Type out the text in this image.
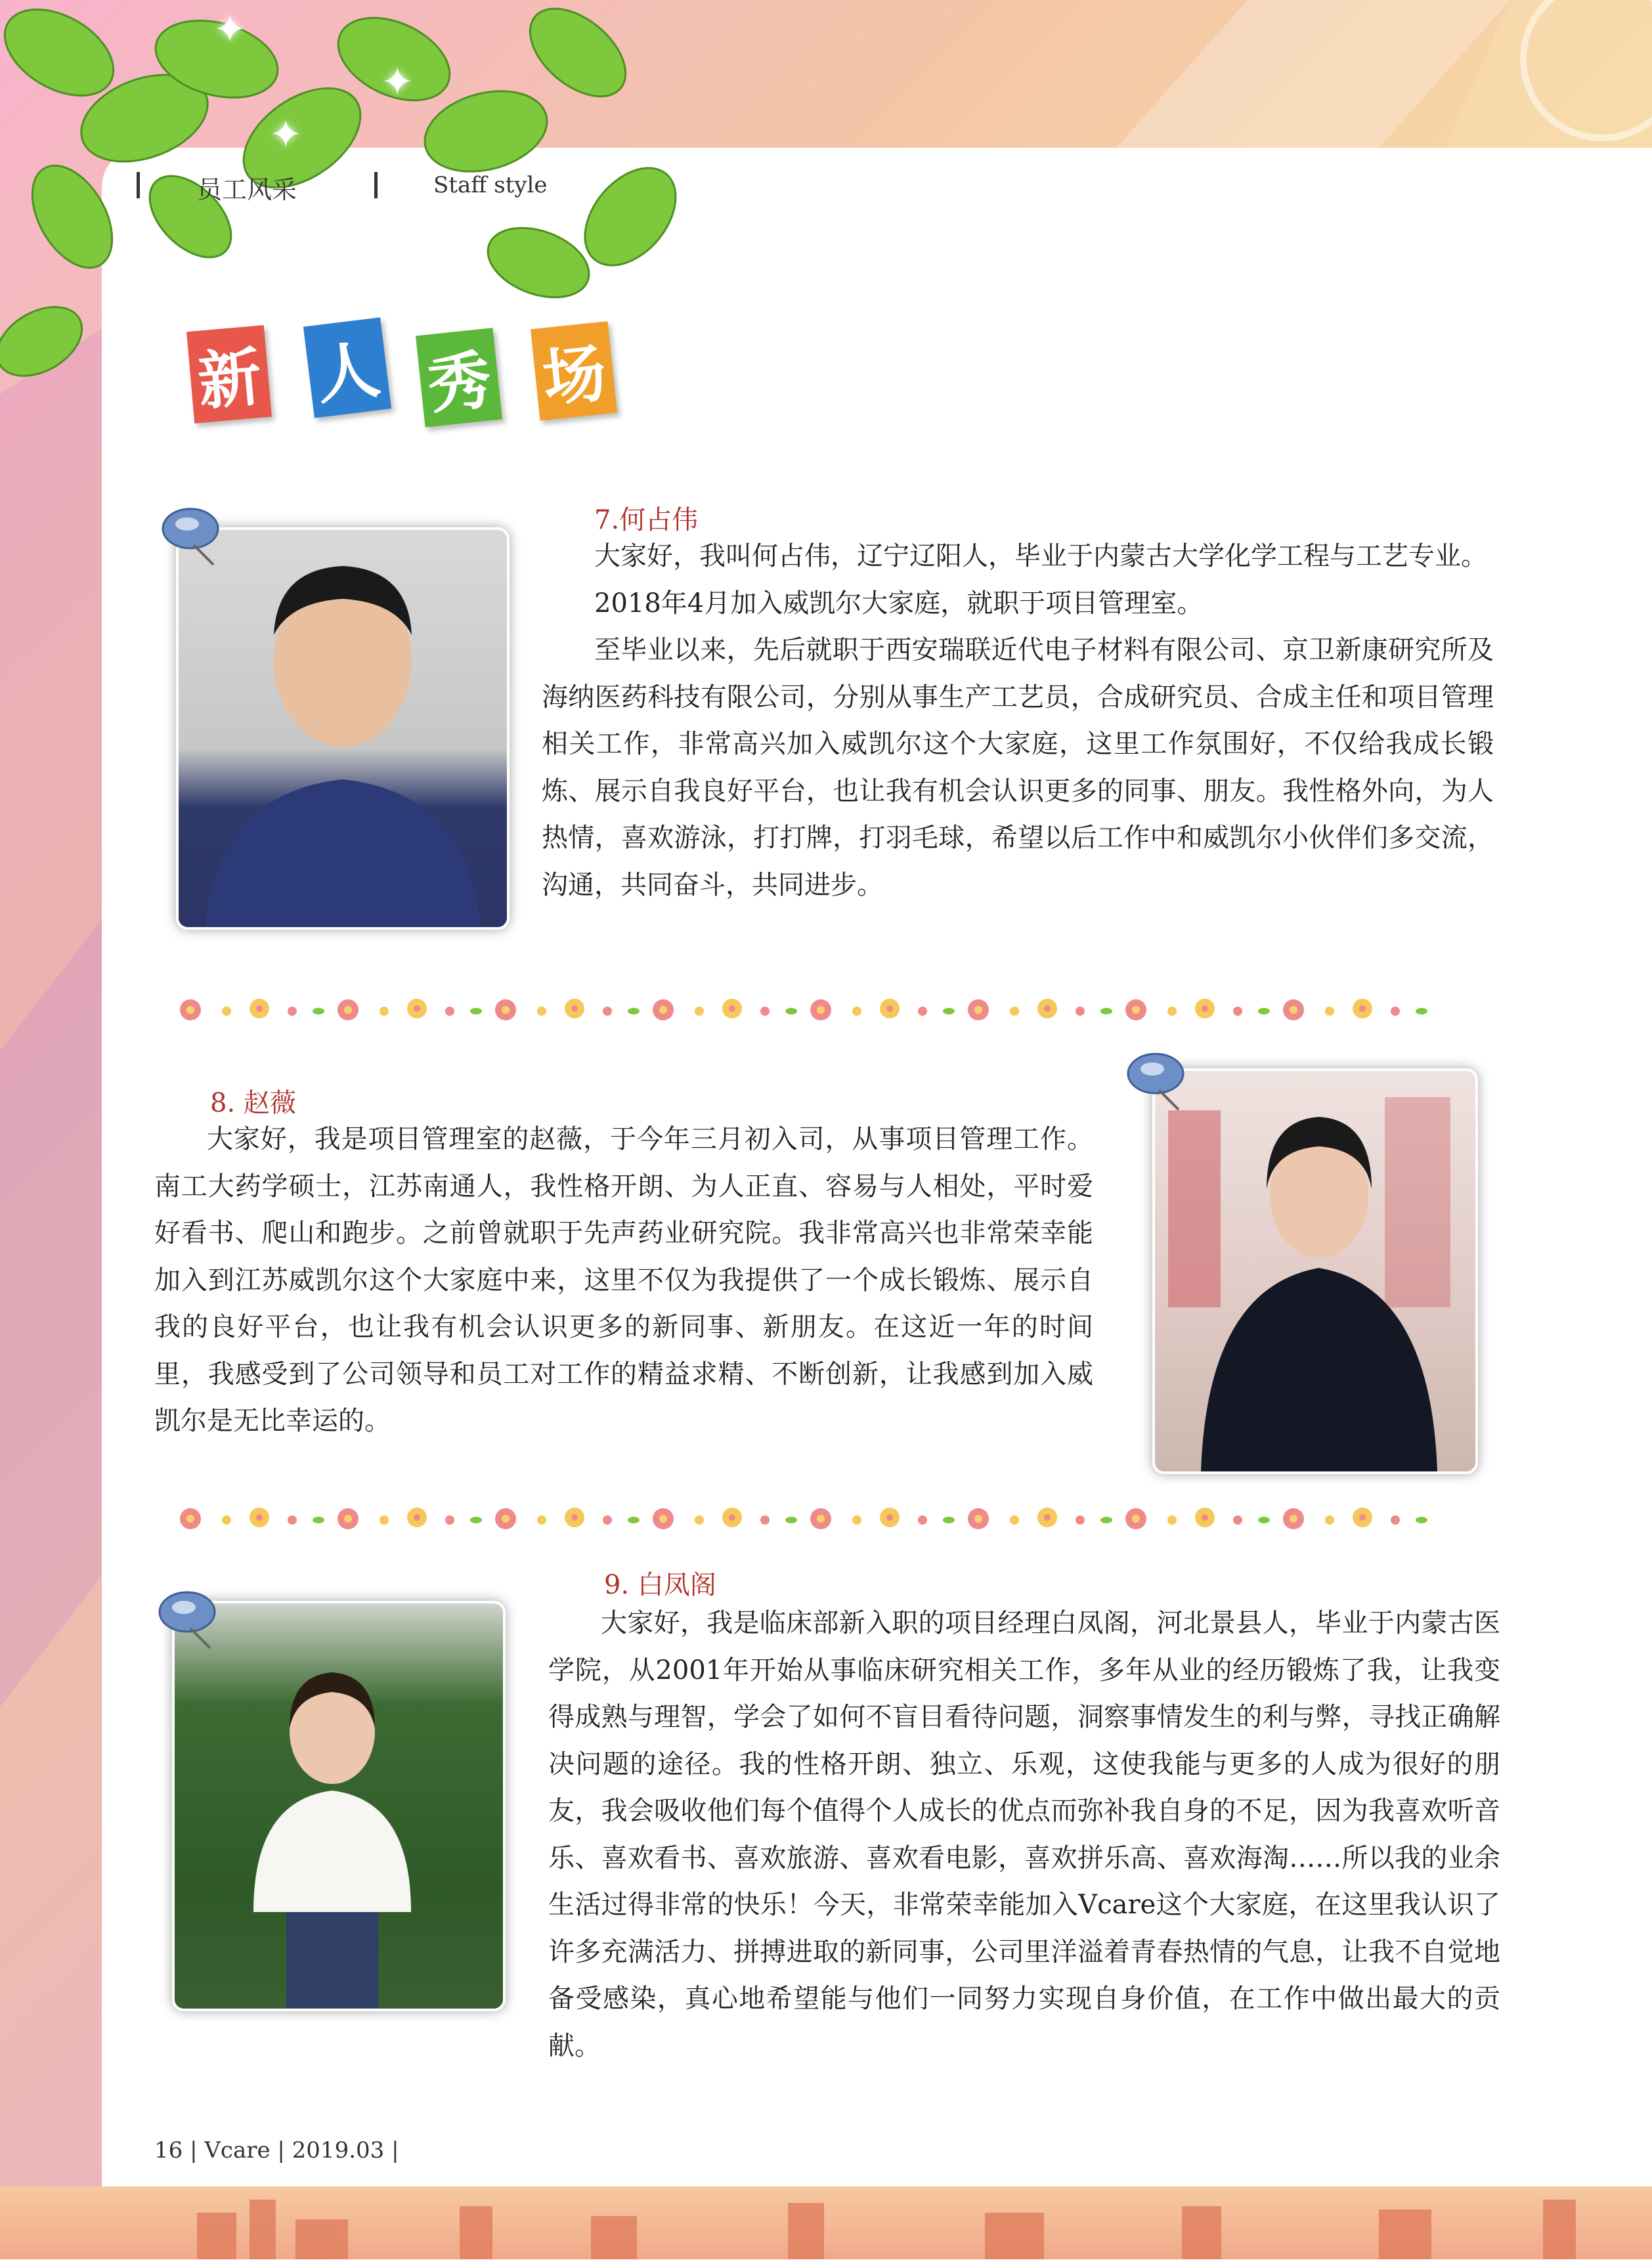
✦
✦
✦
员工风采	Staff style
新 人 秀 场
7.何占伟

大家好，我叫何占伟，辽宁辽阳人，毕业于内蒙古大学化学工程与工艺专业。

2018年4月加入威凯尔大家庭，就职于项目管理室。

至毕业以来，先后就职于西安瑞联近代电子材料有限公司、京卫新康研究所及海纳医药科技有限公司，分别从事生产工艺员，合成研究员、合成主任和项目管理相关工作，非常高兴加入威凯尔这个大家庭，这里工作氛围好，不仅给我成长锻炼、展示自我良好平台，也让我有机会认识更多的同事、朋友。我性格外向，为人热情，喜欢游泳，打打牌，打羽毛球，希望以后工作中和威凯尔小伙伴们多交流，沟通，共同奋斗，共同进步。

8. 赵薇

大家好，我是项目管理室的赵薇，于今年三月初入司，从事项目管理工作。南工大药学硕士，江苏南通人，我性格开朗、为人正直、容易与人相处，平时爱好看书、爬山和跑步。之前曾就职于先声药业研究院。我非常高兴也非常荣幸能加入到江苏威凯尔这个大家庭中来，这里不仅为我提供了一个成长锻炼、展示自我的良好平台，也让我有机会认识更多的新同事、新朋友。在这近一年的时间里，我感受到了公司领导和员工对工作的精益求精、不断创新，让我感到加入威凯尔是无比幸运的。

9. 白凤阁

大家好，我是临床部新入职的项目经理白凤阁，河北景县人，毕业于内蒙古医学院，从2001年开始从事临床研究相关工作，多年从业的经历锻炼了我，让我变得成熟与理智，学会了如何不盲目看待问题，洞察事情发生的利与弊，寻找正确解决问题的途径。我的性格开朗、独立、乐观，这使我能与更多的人成为很好的朋友，我会吸收他们每个值得个人成长的优点而弥补我自身的不足，因为我喜欢听音乐、喜欢看书、喜欢旅游、喜欢看电影，喜欢拼乐高、喜欢海淘……所以我的业余生活过得非常的快乐！今天，非常荣幸能加入Vcare这个大家庭，在这里我认识了许多充满活力、拼搏进取的新同事，公司里洋溢着青春热情的气息，让我不自觉地备受感染，真心地希望能与他们一同努力实现自身价值，在工作中做出最大的贡献。

16 | Vcare | 2019.03 |
